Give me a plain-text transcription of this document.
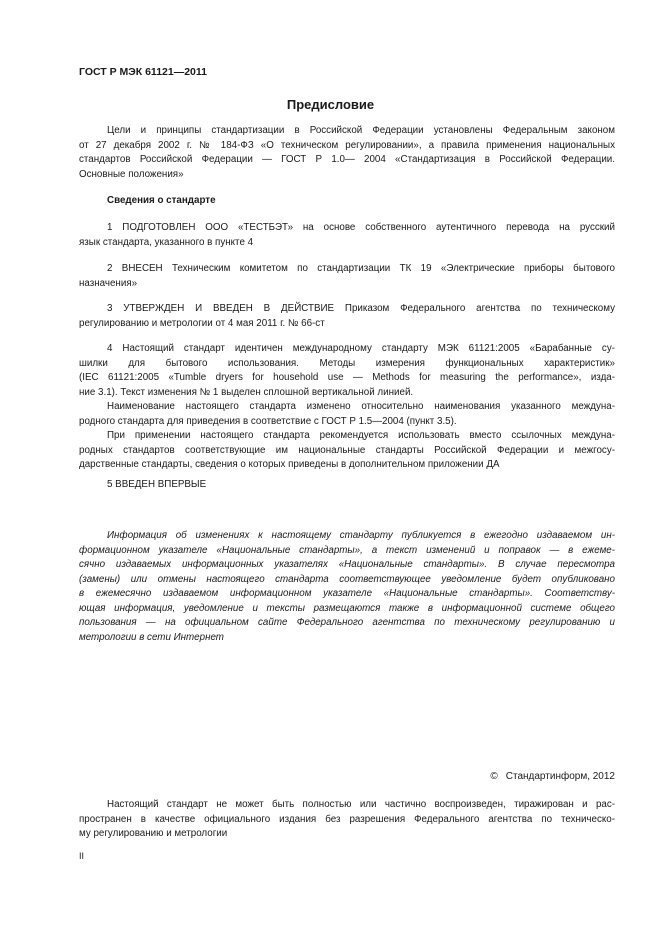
ГОСТ Р МЭК 61121—2011
Предисловие

Цели и принципы стандартизации в Российской Федерации установлены Федеральным законом

от 27 декабря 2002 г. № 184-ФЗ «О техническом регулировании», а правила применения национальных

стандартов Российской Федерации — ГОСТ Р 1.0— 2004 «Стандартизация в Российской Федерации.

Основные положения»

Сведения о стандарте

1 ПОДГОТОВЛЕН ООО «ТЕСТБЭТ» на основе собственного аутентичного перевода на русский

язык стандарта, указанного в пункте 4

2 ВНЕСЕН Техническим комитетом по стандартизации ТК 19 «Электрические приборы бытового

назначения»

3 УТВЕРЖДЕН И ВВЕДЕН В ДЕЙСТВИЕ Приказом Федерального агентства по техническому

регулированию и метрологии от 4 мая 2011 г. № 66-ст

4 Настоящий стандарт идентичен международному стандарту МЭК 61121:2005 «Барабанные су-

шилки для бытового использования. Методы измерения функциональных характеристик»

(IEC 61121:2005 «Tumble dryers for household use — Methods for measuring the performance», изда-

ние 3.1). Текст изменения № 1 выделен сплошной вертикальной линией.

Наименование настоящего стандарта изменено относительно наименования указанного междуна-

родного стандарта для приведения в соответствие с ГОСТ Р 1.5—2004 (пункт 3.5).

При применении настоящего стандарта рекомендуется использовать вместо ссылочных междуна-

родных стандартов соответствующие им национальные стандарты Российской Федерации и межгосу-

дарственные стандарты, сведения о которых приведены в дополнительном приложении ДА

5 ВВЕДЕН ВПЕРВЫЕ

Информация об изменениях к настоящему стандарту публикуется в ежегодно издаваемом ин-

формационном указателе «Национальные стандарты», а текст изменений и поправок — в ежеме-

сячно издаваемых информационных указателях «Национальные стандарты». В случае пересмотра

(замены) или отмены настоящего стандарта соответствующее уведомление будет опубликовано

в ежемесячно издаваемом информационном указателе «Национальные стандарты». Соответству-

ющая информация, уведомление и тексты размещаются также в информационной системе общего

пользования — на официальном сайте Федерального агентства по техническому регулированию и

метрологии в сети Интернет

© Стандартинформ, 2012

Настоящий стандарт не может быть полностью или частично воспроизведен, тиражирован и рас-

пространен в качестве официального издания без разрешения Федерального агентства по техническо-

му регулированию и метрологии

II
